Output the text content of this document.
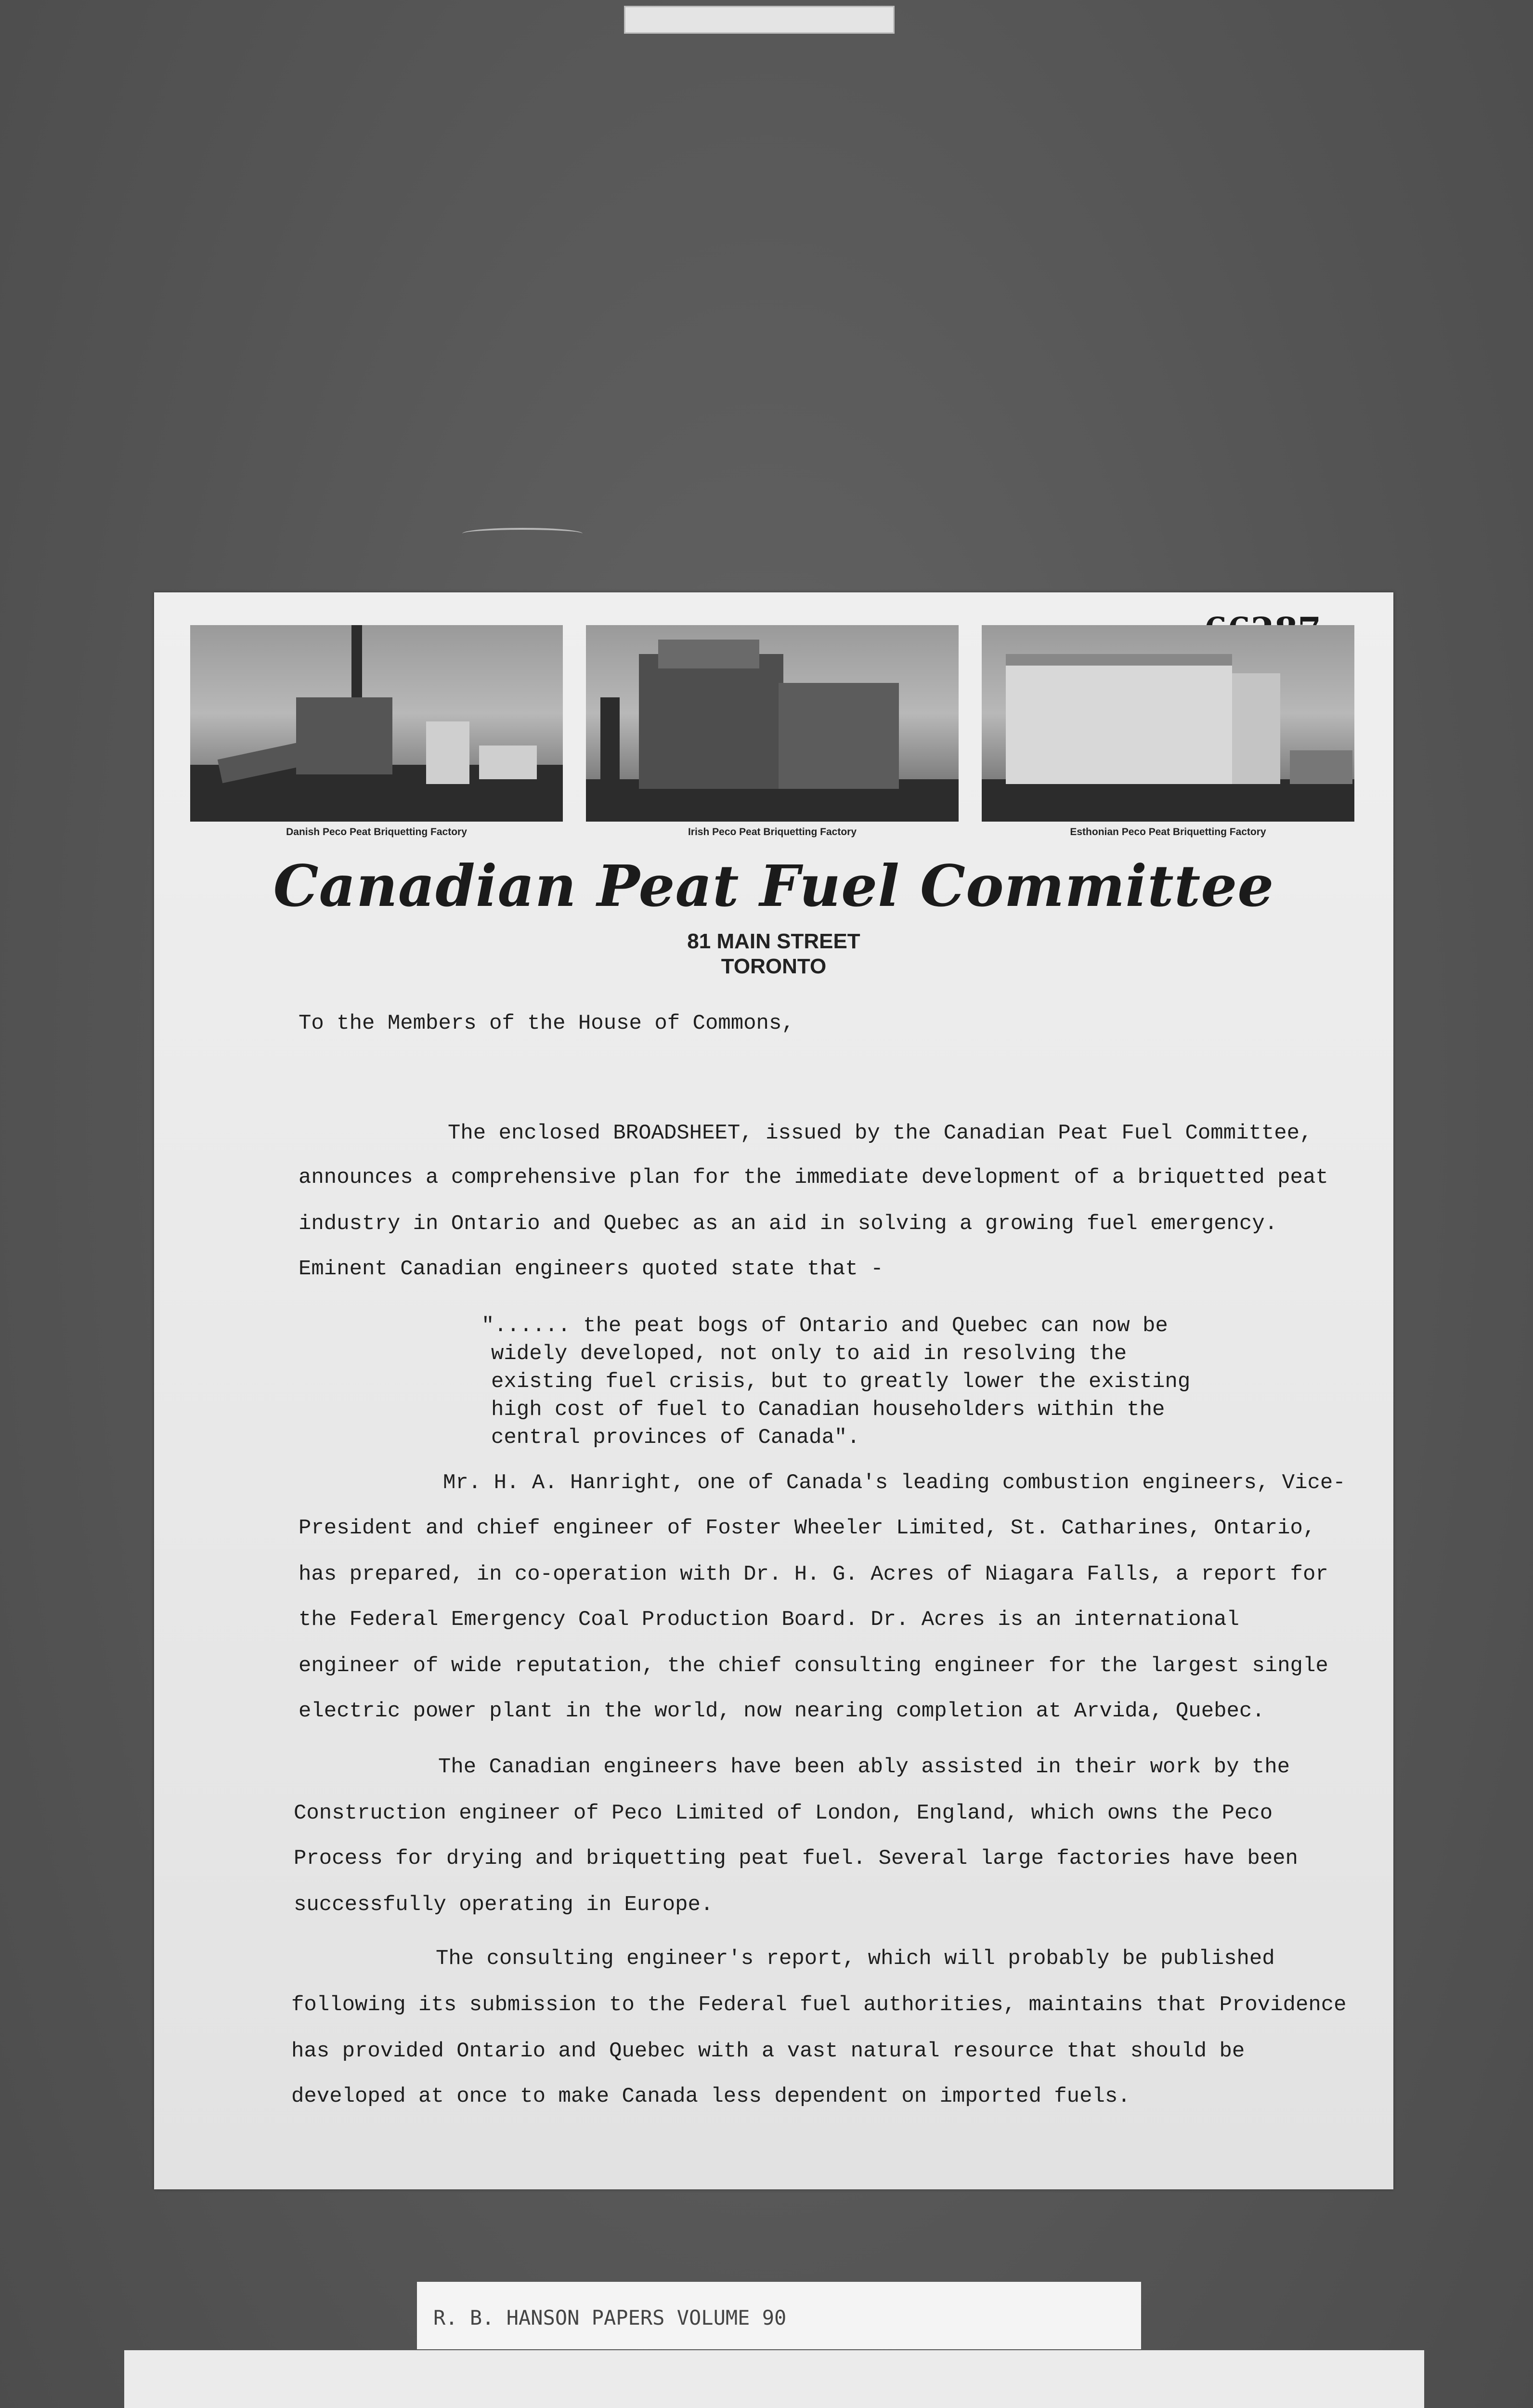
Danish Peco Peat Briquetting Factory	Irish Peco Peat Briquetting Factory	Esthonian Peco Peat Briquetting Factory
Canadian Peat Fuel Committee
81 MAIN STREET
TORONTO
To the Members of the House of Commons,
The enclosed BROADSHEET, issued by the Canadian Peat Fuel Committee,
announces a comprehensive plan for the immediate development of a briquetted peat
industry in Ontario and Quebec as an aid in solving a growing fuel emergency.
Eminent Canadian engineers quoted state that -
"...... the peat bogs of Ontario and Quebec can now be
widely developed, not only to aid in resolving the
existing fuel crisis, but to greatly lower the existing
high cost of fuel to Canadian householders within the
central provinces of Canada".
Mr. H. A. Hanright, one of Canada's leading combustion engineers, Vice-
President and chief engineer of Foster Wheeler Limited, St. Catharines, Ontario,
has prepared, in co-operation with Dr. H. G. Acres of Niagara Falls, a report for
the Federal Emergency Coal Production Board. Dr. Acres is an international
engineer of wide reputation, the chief consulting engineer for the largest single
electric power plant in the world, now nearing completion at Arvida, Quebec.
The Canadian engineers have been ably assisted in their work by the
Construction engineer of Peco Limited of London, England, which owns the Peco
Process for drying and briquetting peat fuel. Several large factories have been
successfully operating in Europe.
The consulting engineer's report, which will probably be published
following its submission to the Federal fuel authorities, maintains that Providence
has provided Ontario and Quebec with a vast natural resource that should be
developed at once to make Canada less dependent on imported fuels.
R. B. HANSON PAPERS VOLUME 90
